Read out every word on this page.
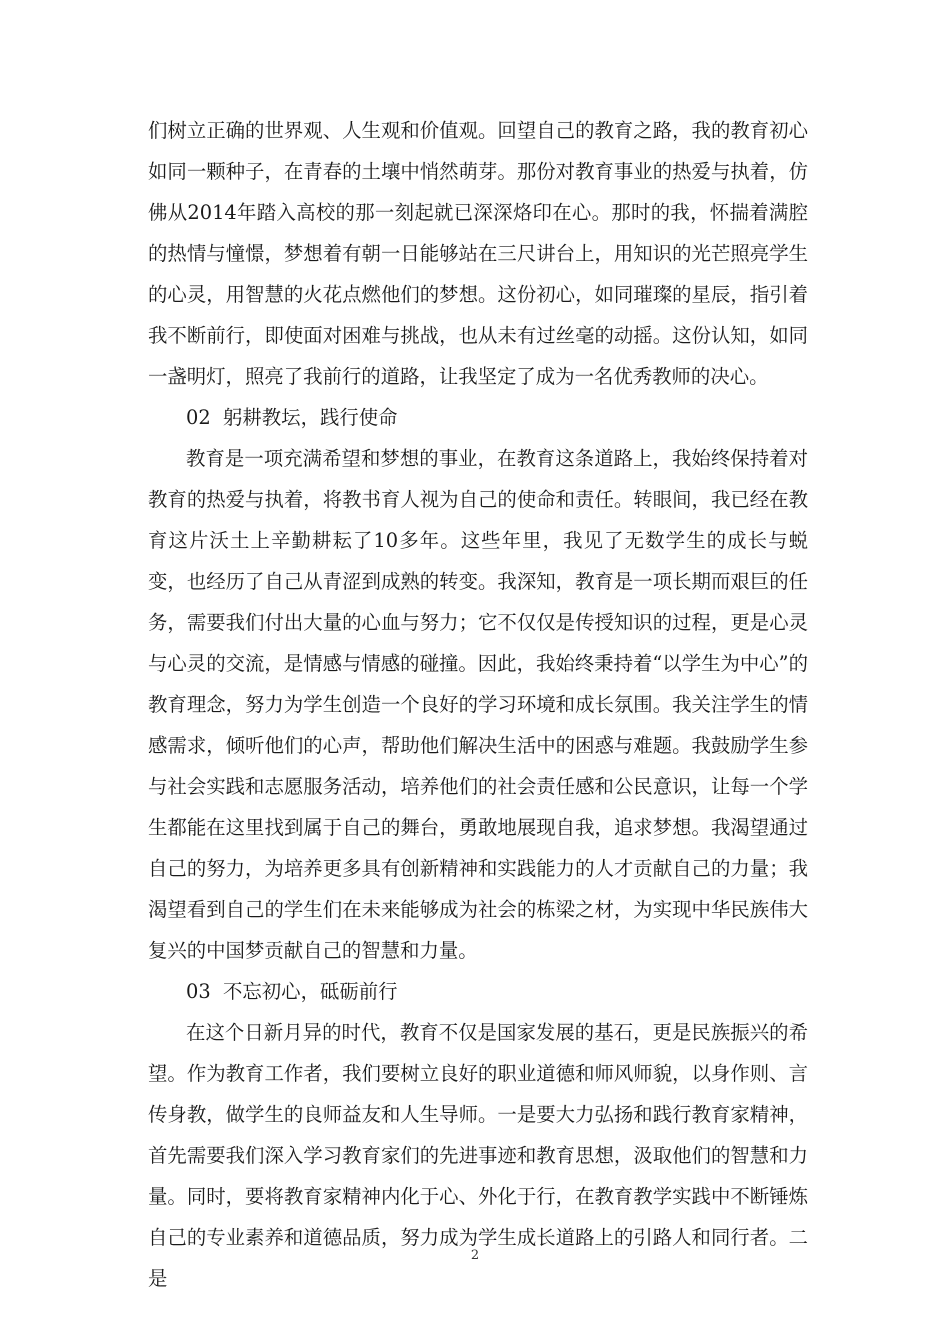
们树立正确的世界观、人生观和价值观。回望自己的教育之路，我的教育初心如同一颗种子，在青春的土壤中悄然萌芽。那份对教育事业的热爱与执着，仿佛从2014年踏入高校的那一刻起就已深深烙印在心。那时的我，怀揣着满腔的热情与憧憬，梦想着有朝一日能够站在三尺讲台上，用知识的光芒照亮学生的心灵，用智慧的火花点燃他们的梦想。这份初心，如同璀璨的星辰，指引着我不断前行，即使面对困难与挑战，也从未有过丝毫的动摇。这份认知，如同一盏明灯，照亮了我前行的道路，让我坚定了成为一名优秀教师的决心。

02  躬耕教坛，践行使命

教育是一项充满希望和梦想的事业，在教育这条道路上，我始终保持着对教育的热爱与执着，将教书育人视为自己的使命和责任。转眼间，我已经在教育这片沃土上辛勤耕耘了10多年。这些年里，我见了无数学生的成长与蜕变，也经历了自己从青涩到成熟的转变。我深知，教育是一项长期而艰巨的任务，需要我们付出大量的心血与努力；它不仅仅是传授知识的过程，更是心灵与心灵的交流，是情感与情感的碰撞。因此，我始终秉持着“以学生为中心”的教育理念，努力为学生创造一个良好的学习环境和成长氛围。我关注学生的情感需求，倾听他们的心声，帮助他们解决生活中的困惑与难题。我鼓励学生参与社会实践和志愿服务活动，培养他们的社会责任感和公民意识，让每一个学生都能在这里找到属于自己的舞台，勇敢地展现自我，追求梦想。我渴望通过自己的努力，为培养更多具有创新精神和实践能力的人才贡献自己的力量；我渴望看到自己的学生们在未来能够成为社会的栋梁之材，为实现中华民族伟大复兴的中国梦贡献自己的智慧和力量。

03  不忘初心，砥砺前行

在这个日新月异的时代，教育不仅是国家发展的基石，更是民族振兴的希望。作为教育工作者，我们要树立良好的职业道德和师风师貌，以身作则、言传身教，做学生的良师益友和人生导师。一是要大力弘扬和践行教育家精神，首先需要我们深入学习教育家们的先进事迹和教育思想，汲取他们的智慧和力量。同时，要将教育家精神内化于心、外化于行，在教育教学实践中不断锤炼自己的专业素养和道德品质，努力成为学生成长道路上的引路人和同行者。二是

2
